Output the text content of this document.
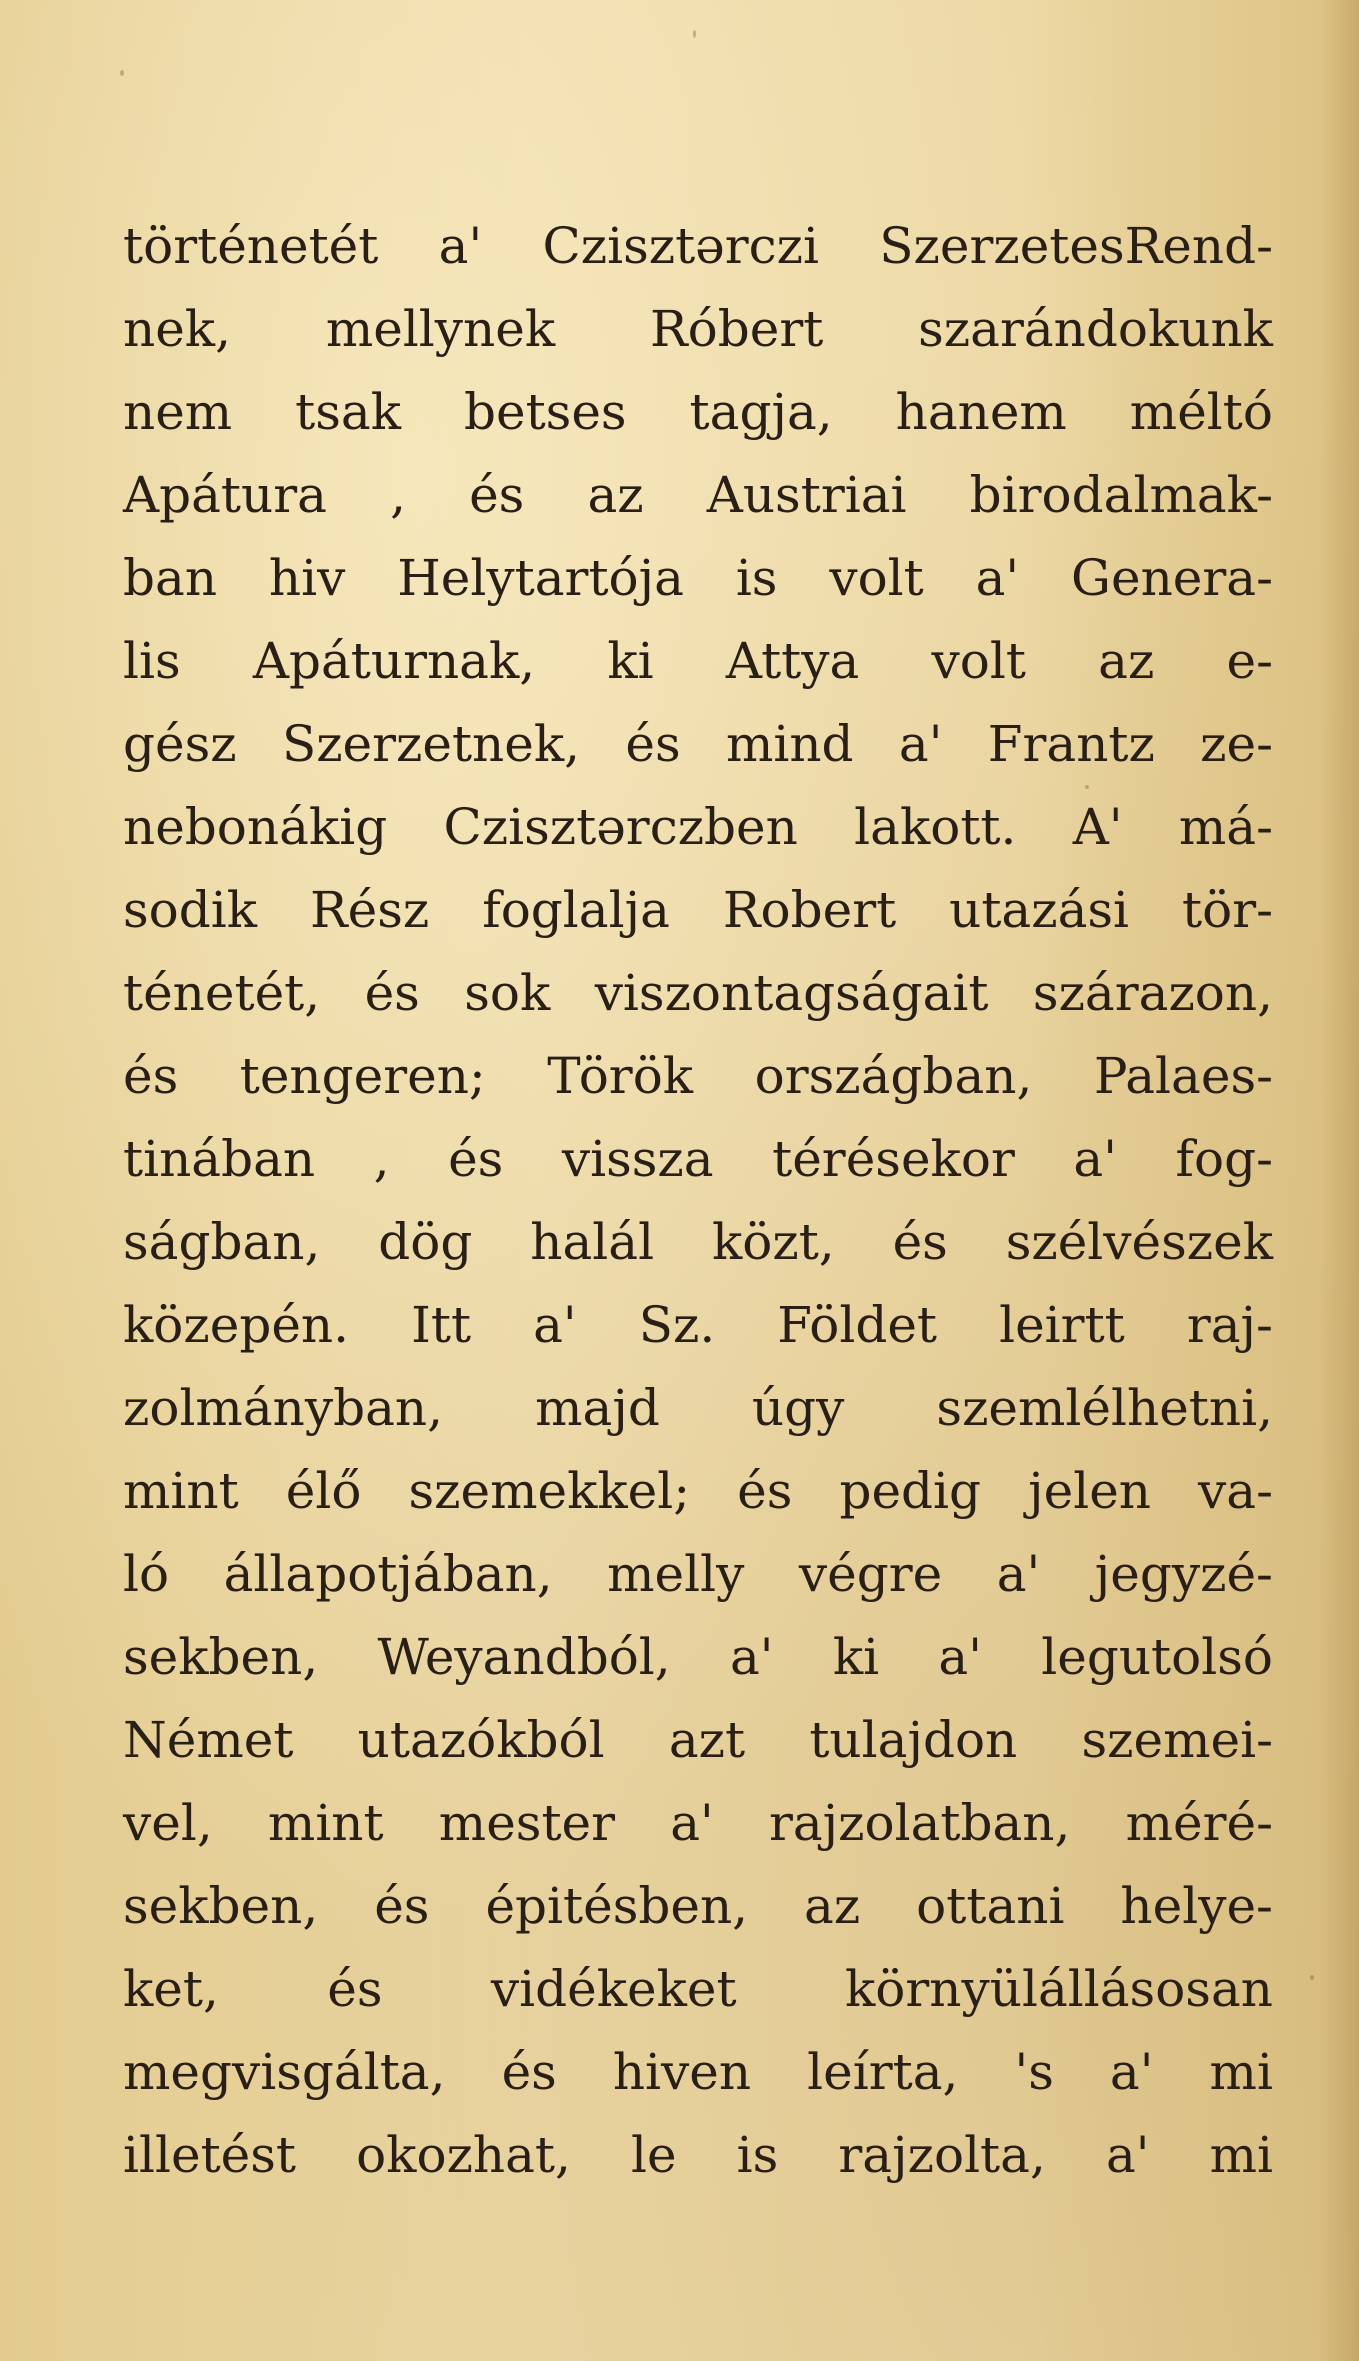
történetét a' Czisztərczi SzerzetesRend-
nek, mellynek Róbert szarándokunk
nem tsak betses tagja, hanem méltó
Apátura , és az Austriai birodalmak-
ban hiv Helytartója is volt a' Genera-
lis Apáturnak, ki Attya volt az e-
gész Szerzetnek, és mind a' Frantz ze-
nebonákig Czisztərczben lakott. A' má-
sodik Rész foglalja Robert utazási tör-
ténetét, és sok viszontagságait szárazon,
és tengeren; Török országban, Palaes-
tinában , és vissza térésekor a' fog-
ságban, dög halál közt, és szélvészek
közepén. Itt a' Sz. Földet leirtt raj-
zolmányban, majd úgy szemlélhetni,
mint élő szemekkel; és pedig jelen va-
ló állapotjában, melly végre a' jegyzé-
sekben, Weyandból, a' ki a' legutolsó
Német utazókból azt tulajdon szemei-
vel, mint mester a' rajzolatban, méré-
sekben, és épitésben, az ottani helye-
ket, és vidékeket környülállásosan
megvisgálta, és hiven leírta, 's a' mi
illetést okozhat, le is rajzolta, a' mi
